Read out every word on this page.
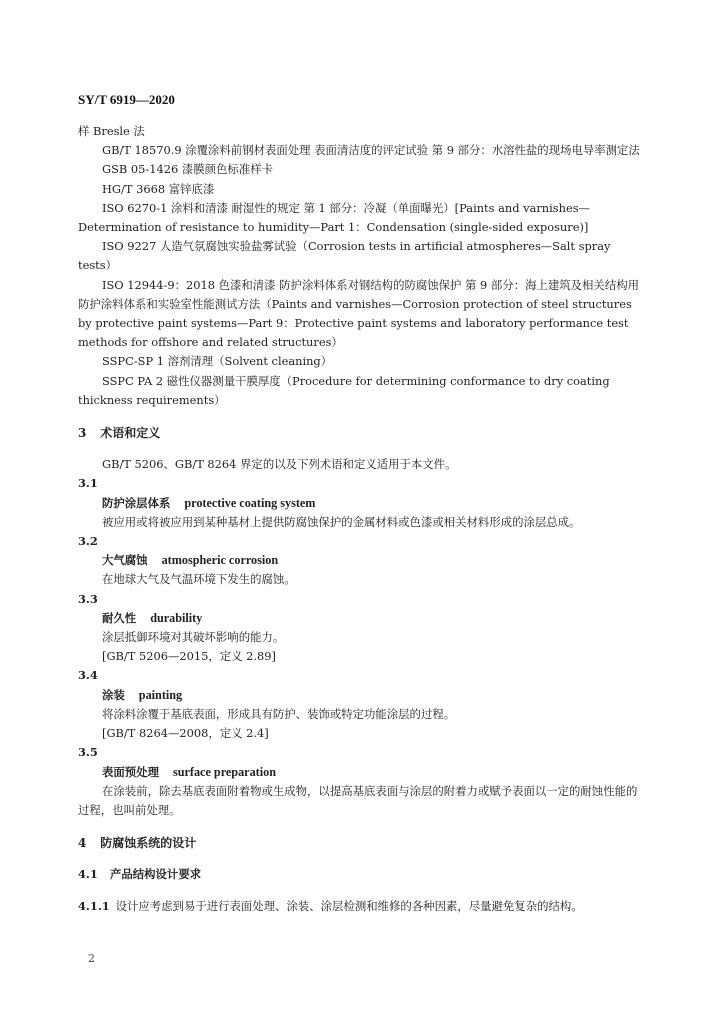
SY/T 6919—2020

样 Bresle 法

GB/T 18570.9 涂覆涂料前钢材表面处理 表面清洁度的评定试验 第 9 部分：水溶性盐的现场电导率测定法

GSB 05-1426 漆膜颜色标准样卡

HG/T 3668 富锌底漆

ISO 6270-1 涂料和清漆 耐湿性的规定 第 1 部分：冷凝（单面曝光）[Paints and varnishes—Determination of resistance to humidity—Part 1：Condensation (single-sided exposure)]

ISO 9227 人造气氛腐蚀实验盐雾试验（Corrosion tests in artificial atmospheres—Salt spray tests）

ISO 12944-9：2018 色漆和清漆 防护涂料体系对钢结构的防腐蚀保护 第 9 部分：海上建筑及相关结构用防护涂料体系和实验室性能测试方法（Paints and varnishes—Corrosion protection of steel structures by protective paint systems—Part 9：Protective paint systems and laboratory performance test methods for offshore and related structures）

SSPC-SP 1 溶剂清理（Solvent cleaning）

SSPC PA 2 磁性仪器测量干膜厚度（Procedure for determining conformance to dry coating thickness requirements）

3 术语和定义

GB/T 5206、GB/T 8264 界定的以及下列术语和定义适用于本文件。

3.1

防护涂层体系 protective coating system

被应用或将被应用到某种基材上提供防腐蚀保护的金属材料或色漆或相关材料形成的涂层总成。

3.2

大气腐蚀 atmospheric corrosion

在地球大气及气温环境下发生的腐蚀。

3.3

耐久性 durability

涂层抵御环境对其破坏影响的能力。

[GB/T 5206—2015，定义 2.89]

3.4

涂装 painting

将涂料涂覆于基底表面，形成具有防护、装饰或特定功能涂层的过程。

[GB/T 8264—2008，定义 2.4]

3.5

表面预处理 surface preparation

在涂装前，除去基底表面附着物或生成物，以提高基底表面与涂层的附着力或赋予表面以一定的耐蚀性能的过程，也叫前处理。

4 防腐蚀系统的设计
4.1 产品结构设计要求
4.1.1 设计应考虑到易于进行表面处理、涂装、涂层检测和维修的各种因素，尽量避免复杂的结构。
2
